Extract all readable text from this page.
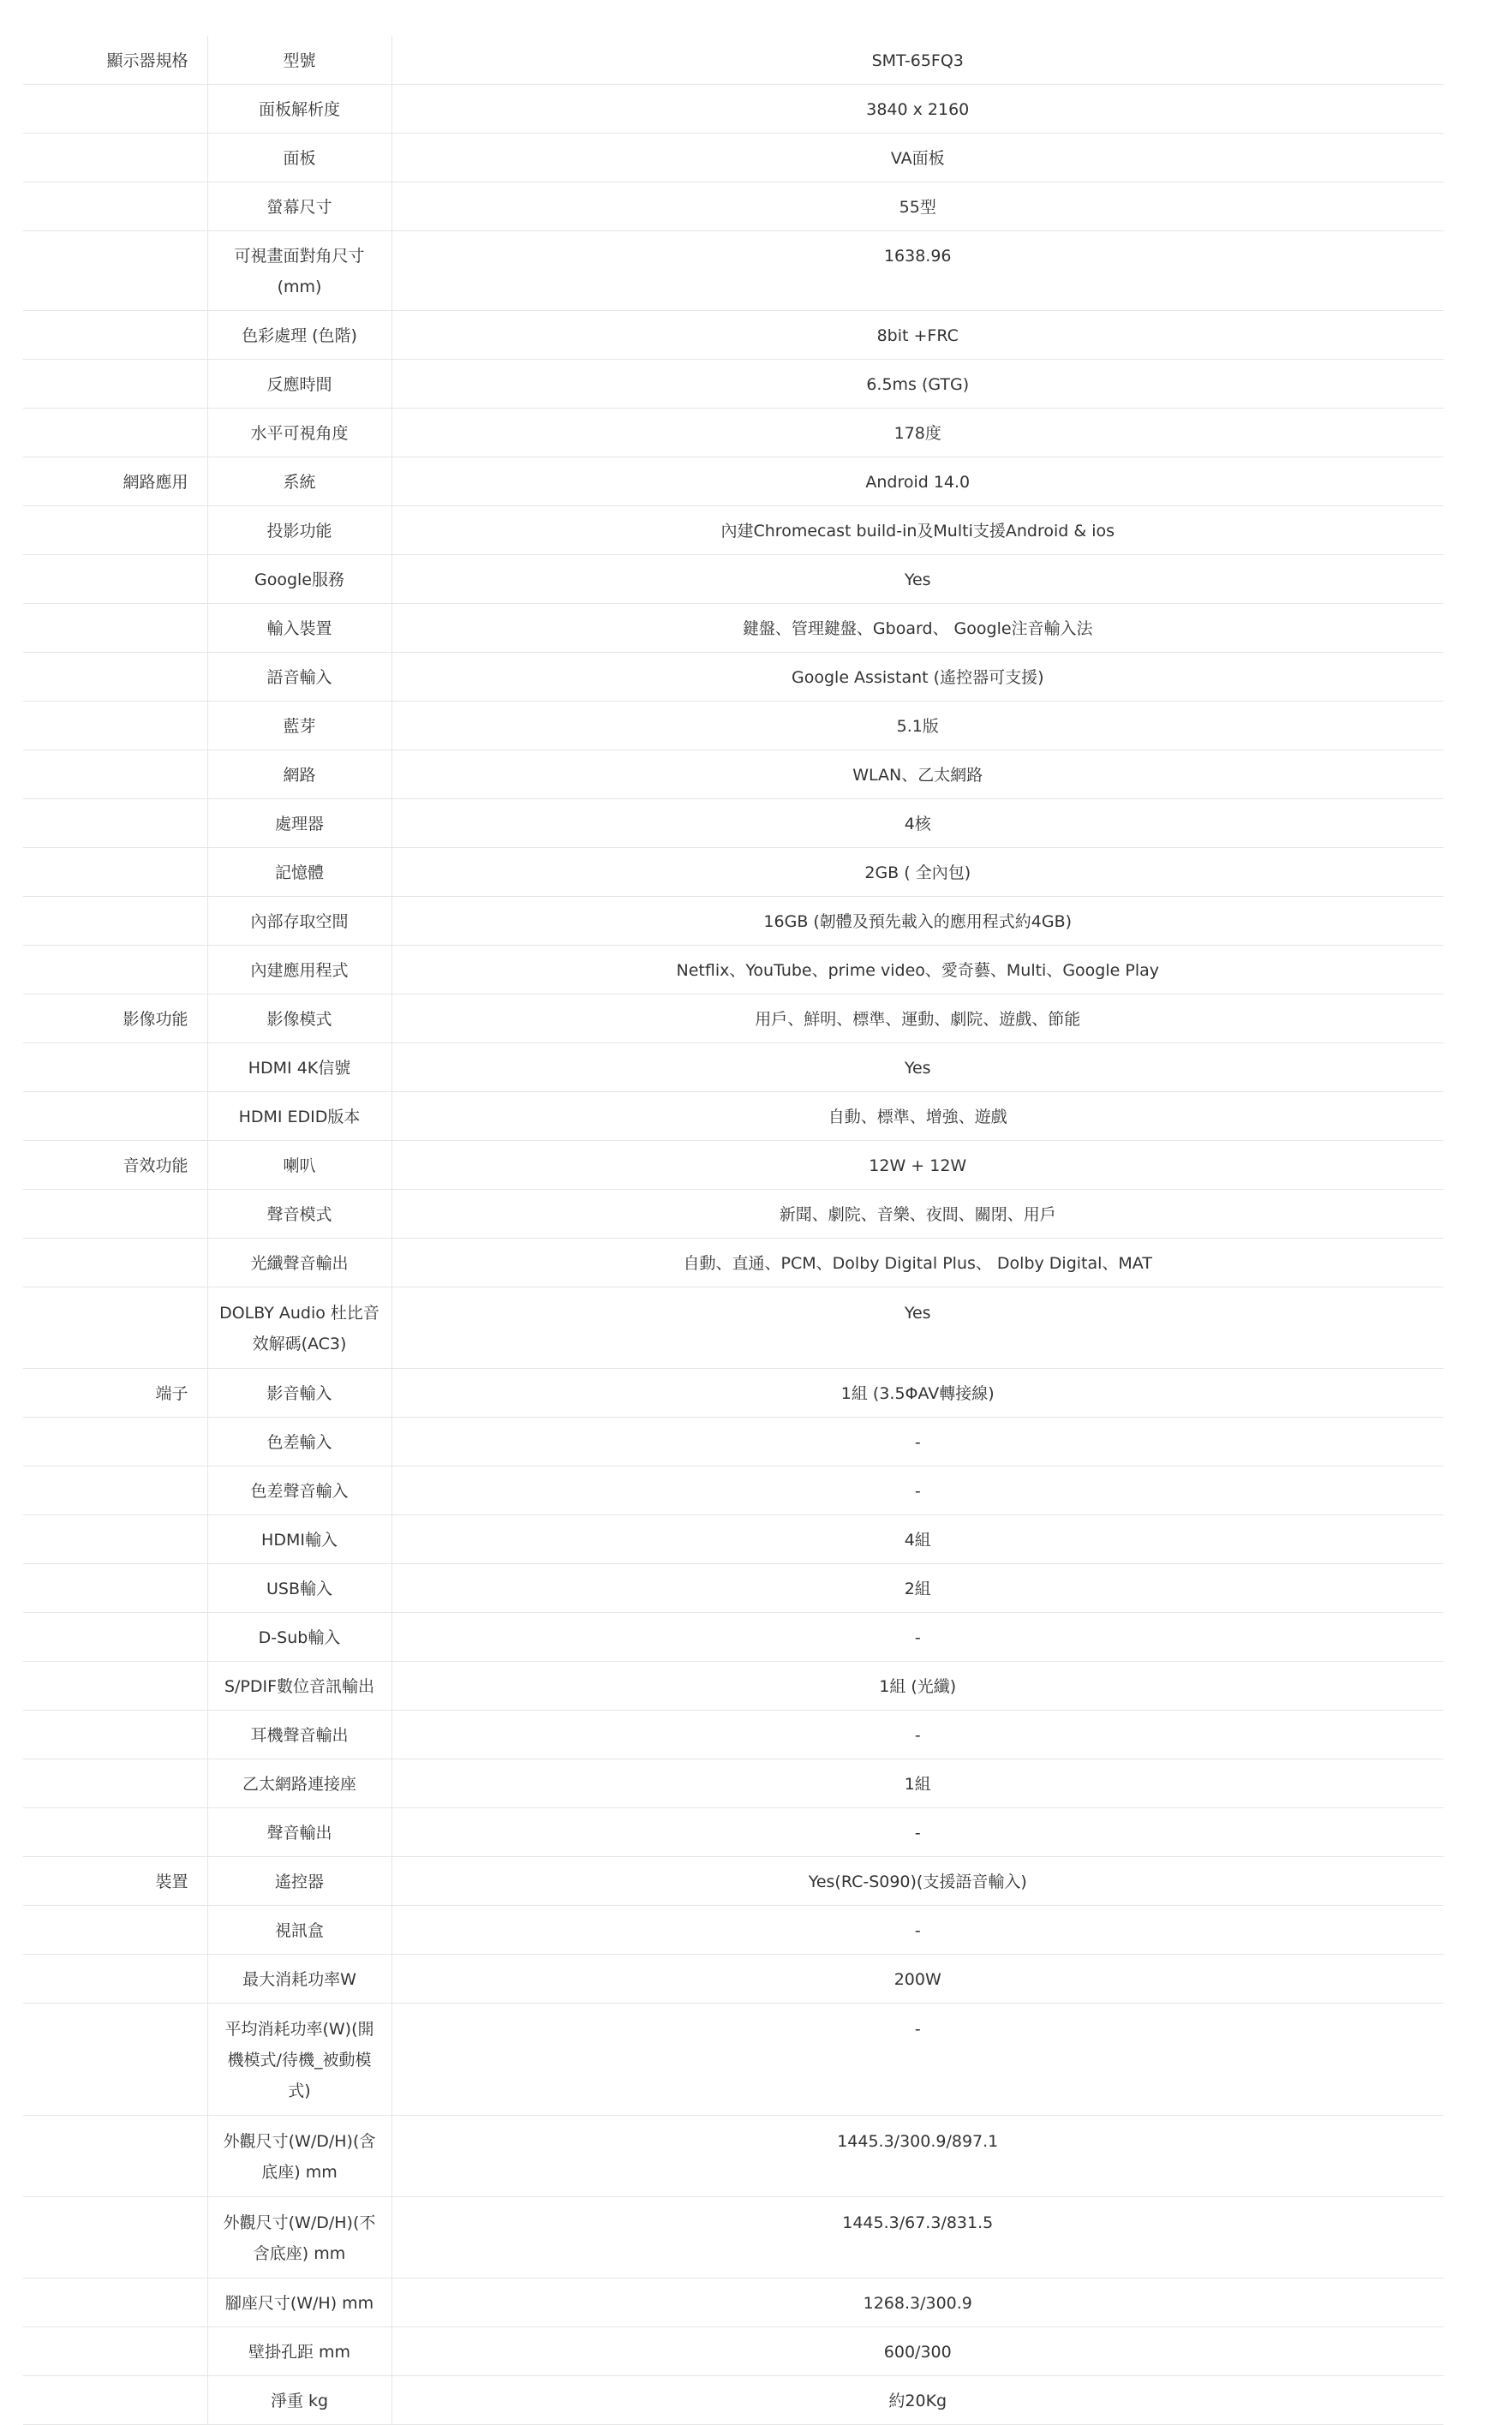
顯示器規格	型號	SMT-65FQ3
	面板解析度	3840 x 2160
	面板	VA面板
	螢幕尺寸	55型
	可視畫面對角尺寸(mm)	1638.96
	色彩處理 (色階)	8bit +FRC
	反應時間	6.5ms (GTG)
	水平可視角度	178度
網路應用	系統	Android 14.0
	投影功能	內建Chromecast build-in及Multi支援Android & ios
	Google服務	Yes
	輸入裝置	鍵盤、管理鍵盤、Gboard、 Google注音輸入法
	語音輸入	Google Assistant (遙控器可支援)
	藍芽	5.1版
	網路	WLAN、乙太網路
	處理器	4核
	記憶體	2GB ( 全內包)
	內部存取空間	16GB (韌體及預先載入的應用程式約4GB)
	內建應用程式	Netflix、YouTube、prime video、愛奇藝、Multi、Google Play
影像功能	影像模式	用戶、鮮明、標準、運動、劇院、遊戲、節能
	HDMI 4K信號	Yes
	HDMI EDID版本	自動、標準、增強、遊戲
音效功能	喇叭	12W + 12W
	聲音模式	新聞、劇院、音樂、夜間、關閉、用戶
	光纖聲音輸出	自動、直通、PCM、Dolby Digital Plus、 Dolby Digital、MAT
	DOLBY Audio 杜比音效解碼(AC3)	Yes
端子	影音輸入	1組 (3.5ΦAV轉接線)
	色差輸入	-
	色差聲音輸入	-
	HDMI輸入	4組
	USB輸入	2組
	D-Sub輸入	-
	S/PDIF數位音訊輸出	1組 (光纖)
	耳機聲音輸出	-
	乙太網路連接座	1組
	聲音輸出	-
裝置	遙控器	Yes(RC-S090)(支援語音輸入)
	視訊盒	-
	最大消耗功率W	200W
	平均消耗功率(W)(開機模式/待機_被動模式)	-
	外觀尺寸(W/D/H)(含底座) mm	1445.3/300.9/897.1
	外觀尺寸(W/D/H)(不含底座) mm	1445.3/67.3/831.5
	腳座尺寸(W/H) mm	1268.3/300.9
	壁掛孔距 mm	600/300
	淨重 kg	約20Kg
